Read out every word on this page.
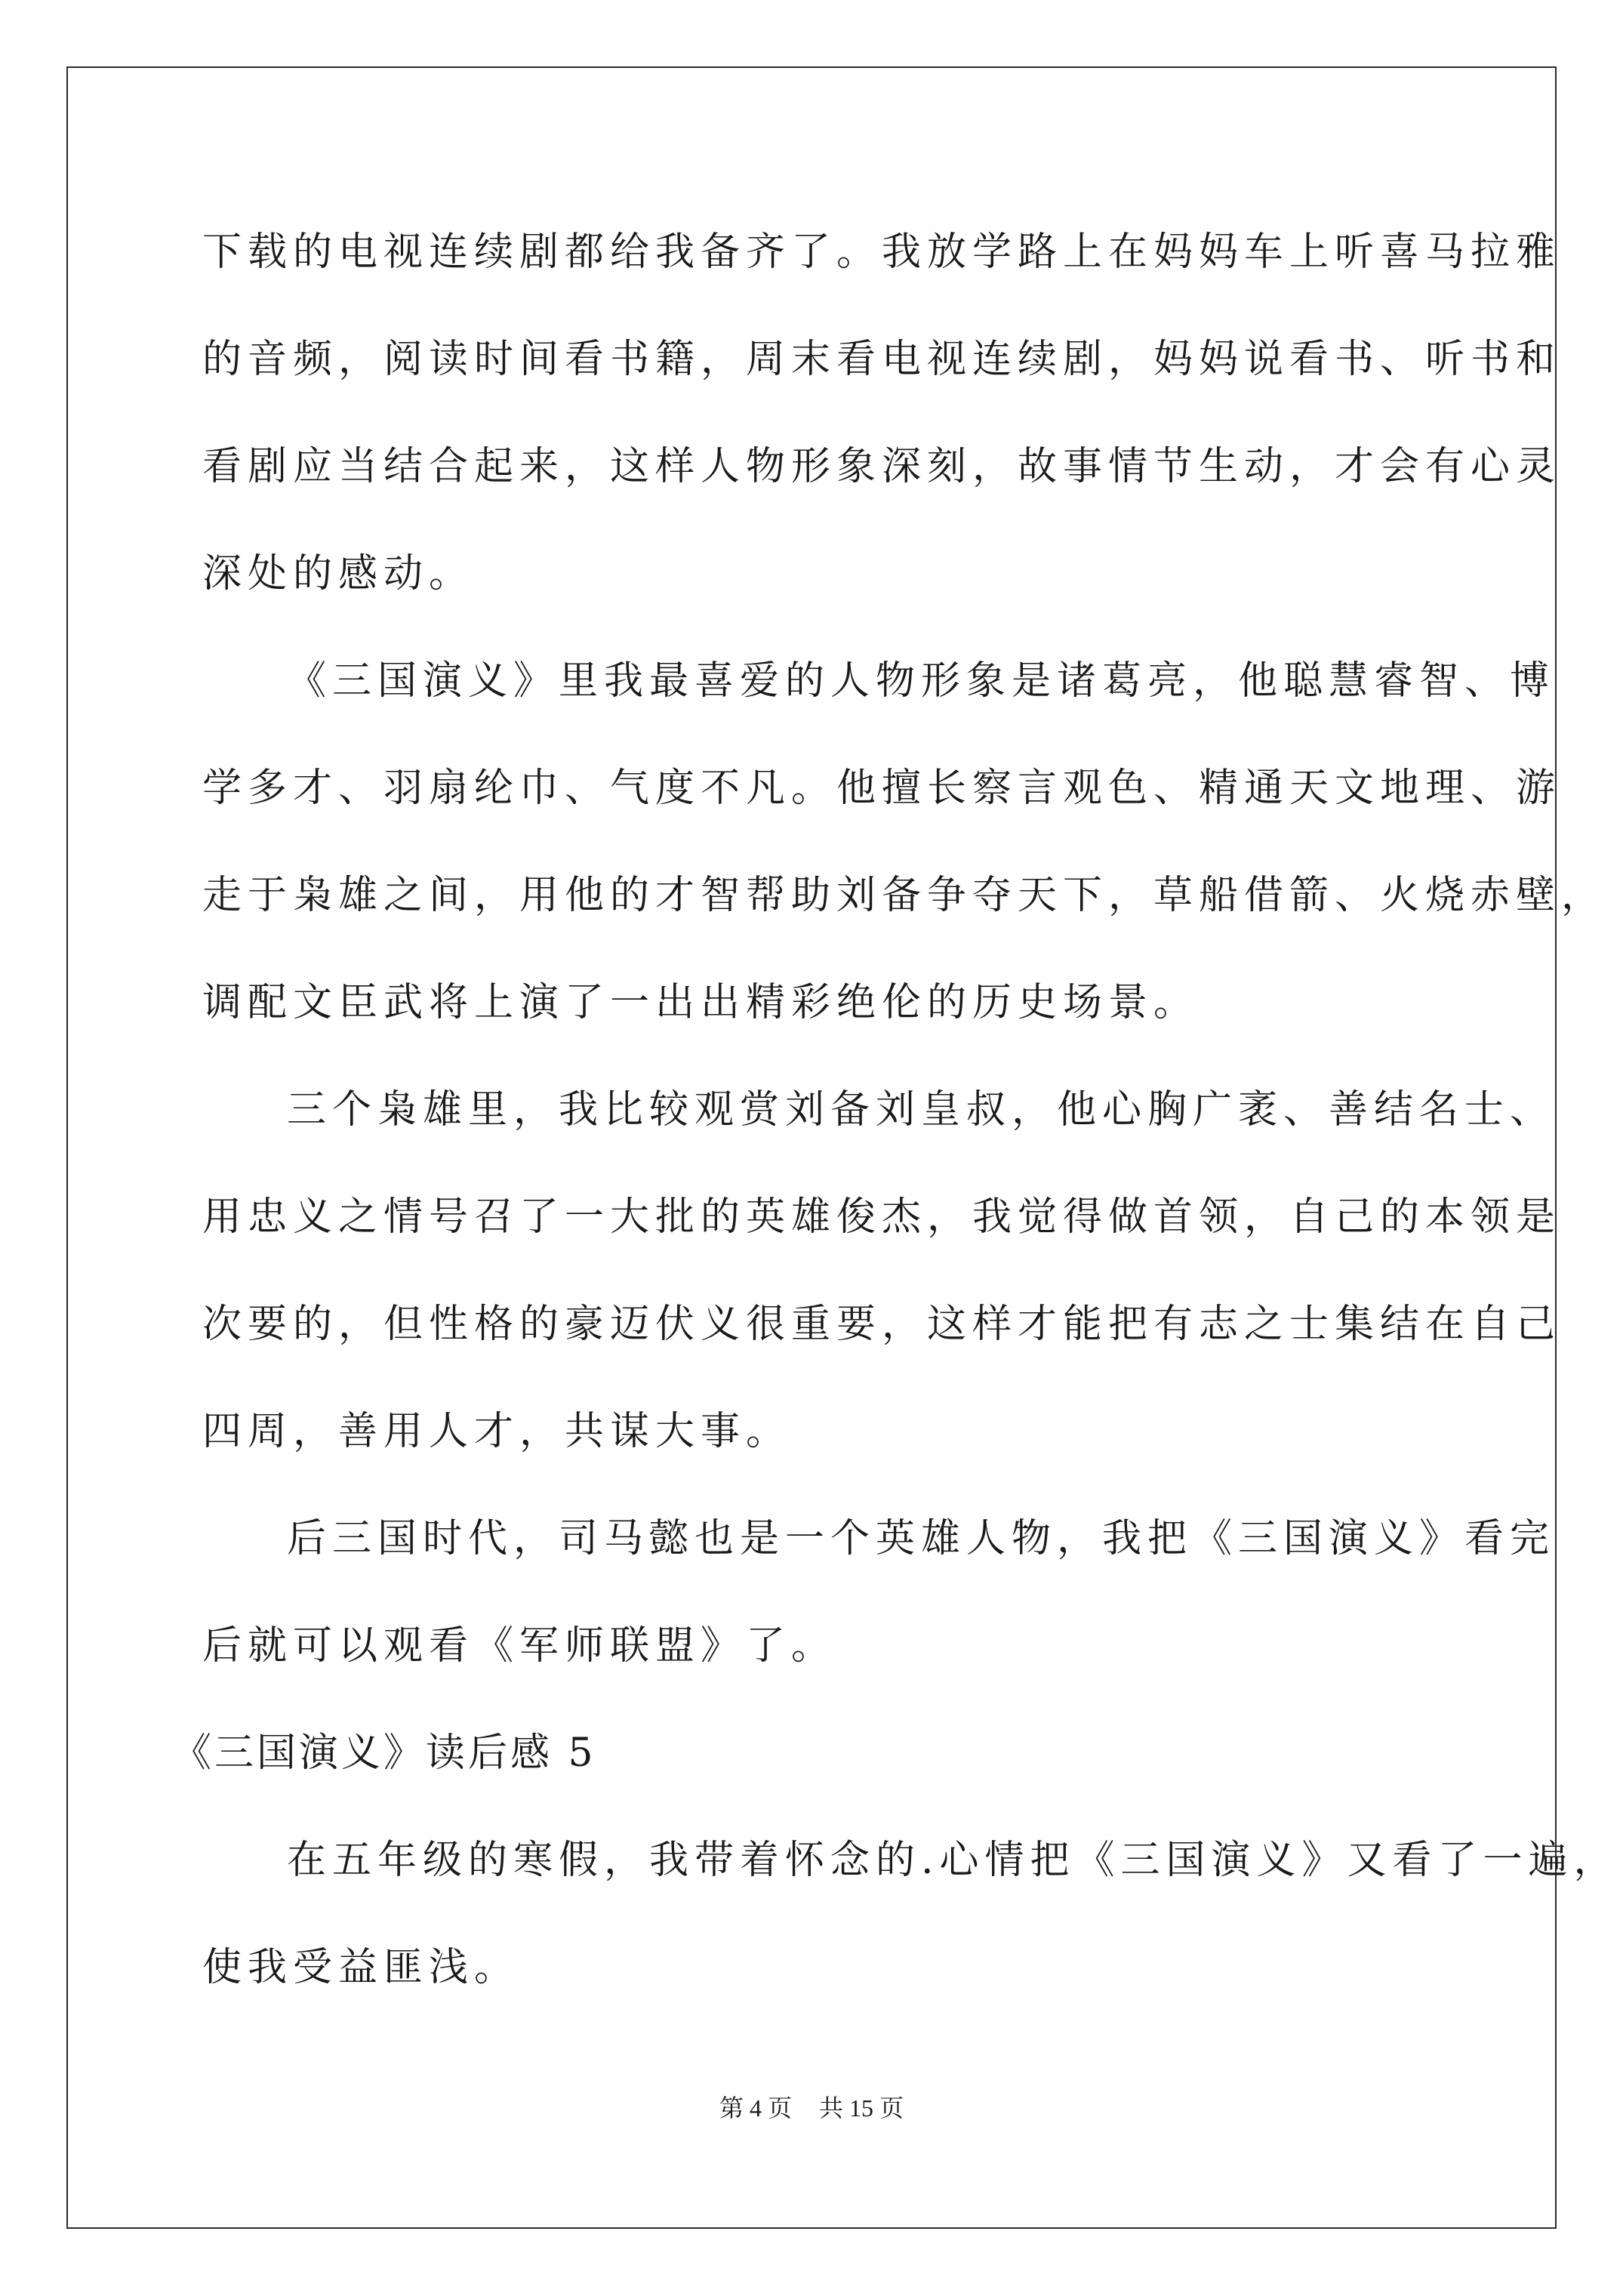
下载的电视连续剧都给我备齐了。我放学路上在妈妈车上听喜马拉雅
的音频，阅读时间看书籍，周末看电视连续剧，妈妈说看书、听书和
看剧应当结合起来，这样人物形象深刻，故事情节生动，才会有心灵
深处的感动。
《三国演义》里我最喜爱的人物形象是诸葛亮，他聪慧睿智、博
学多才、羽扇纶巾、气度不凡。他擅长察言观色、精通天文地理、游
走于枭雄之间，用他的才智帮助刘备争夺天下，草船借箭、火烧赤壁，
调配文臣武将上演了一出出精彩绝伦的历史场景。
三个枭雄里，我比较观赏刘备刘皇叔，他心胸广袤、善结名士、
用忠义之情号召了一大批的英雄俊杰，我觉得做首领，自己的本领是
次要的，但性格的豪迈伏义很重要，这样才能把有志之士集结在自己
四周，善用人才，共谋大事。
后三国时代，司马懿也是一个英雄人物，我把《三国演义》看完
后就可以观看《军师联盟》了。
《三国演义》读后感 5
在五年级的寒假，我带着怀念的.心情把《三国演义》又看了一遍，
使我受益匪浅。
第 4 页 共 15 页
